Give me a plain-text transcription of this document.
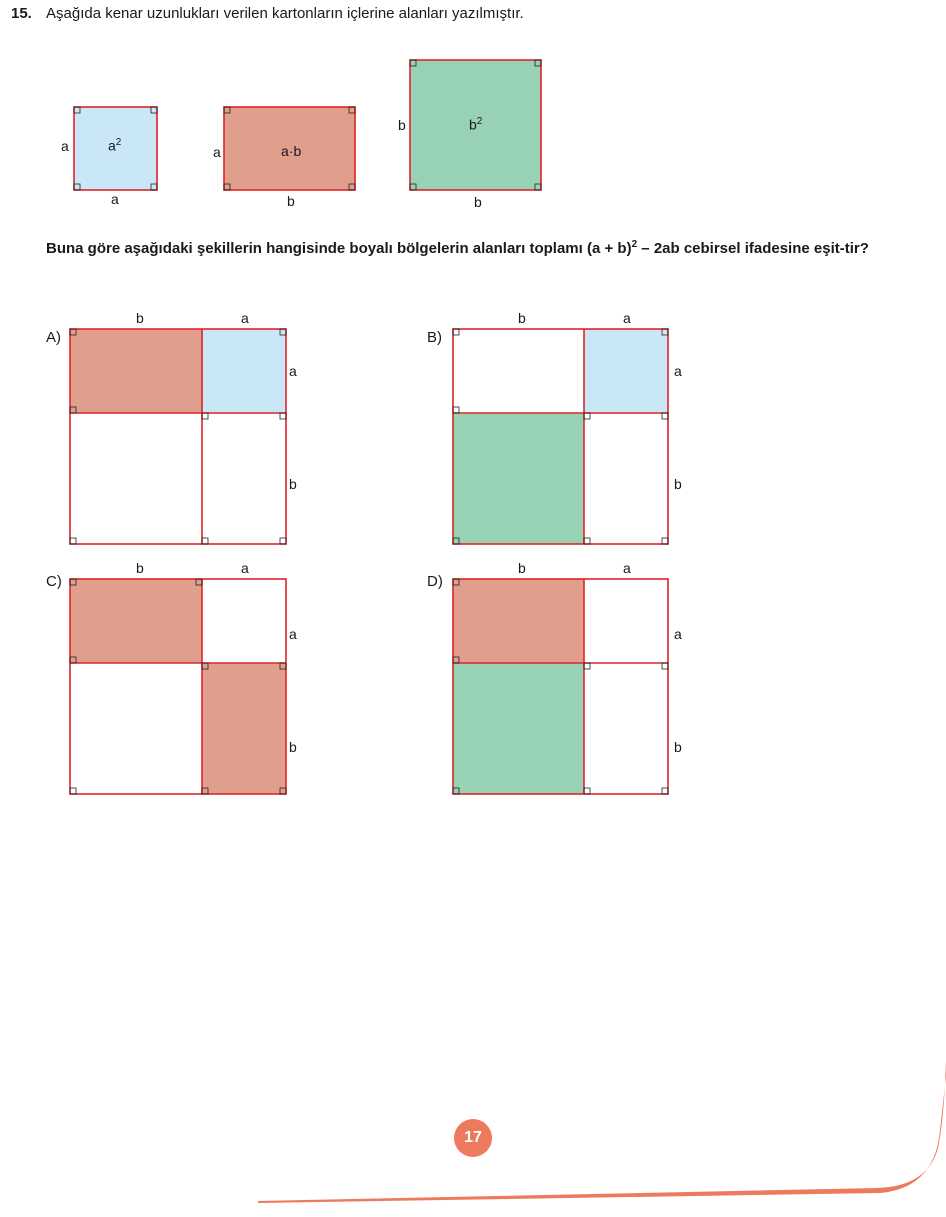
15. Aşağıda kenar uzunlukları verilen kartonların içlerine alanları yazılmıştır.
$a^2$
a
a
a·b
a
b
$b^2$
b
b
Buna göre aşağıdaki şekillerin hangisinde boyalı bölgelerin alanları toplamı $(a + b)^2 - 2ab$ cebirsel ifadesine eşit-tir?
A)
b	a
a
b
B)
b	a
a
b
C)
b	a
a
b
D)
b	a
a
b
17
